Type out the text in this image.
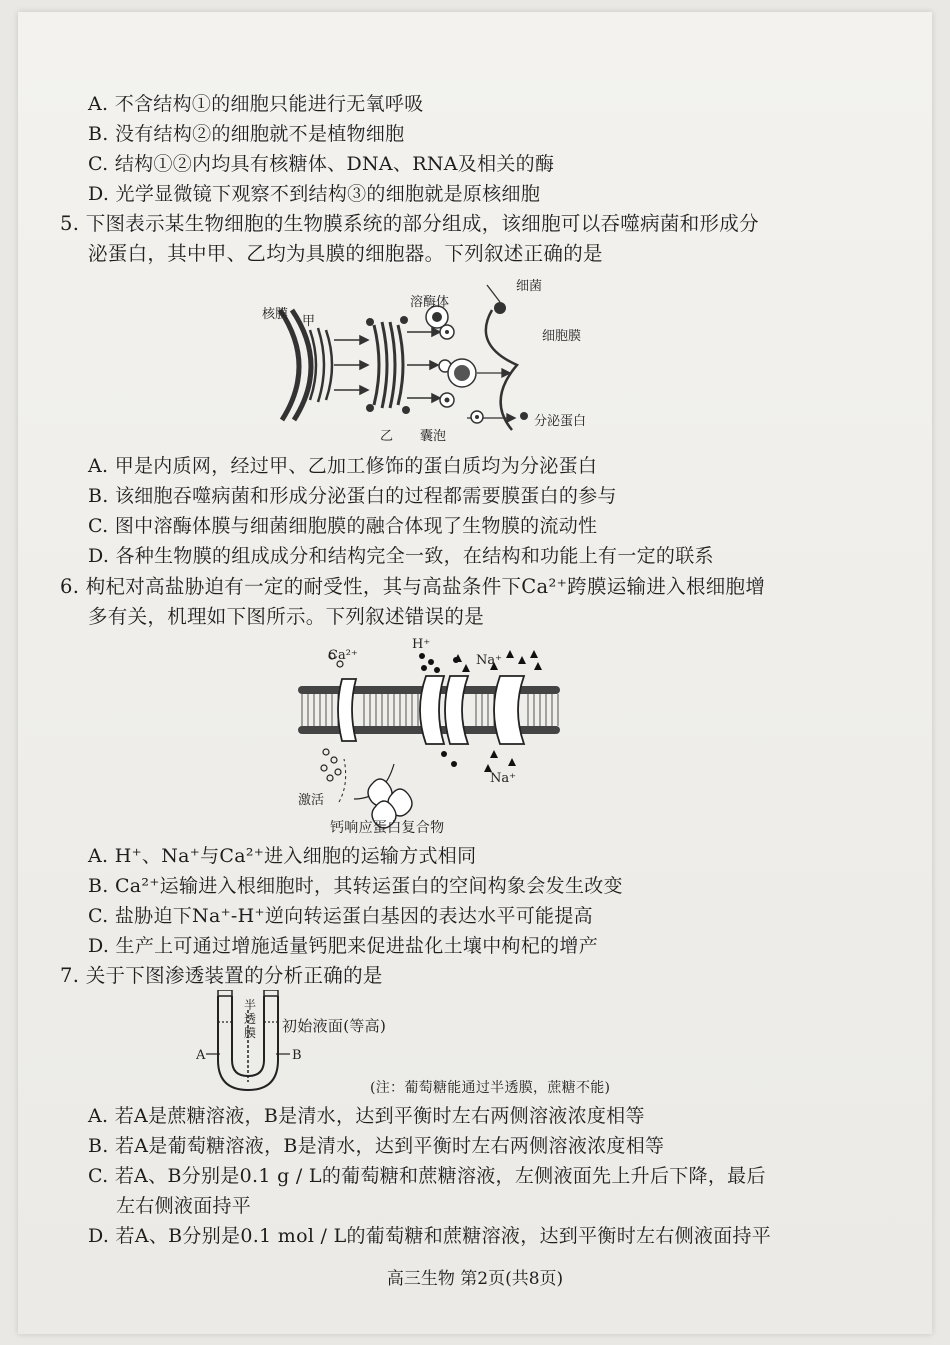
A. 不含结构①的细胞只能进行无氧呼吸
B. 没有结构②的细胞就不是植物细胞
C. 结构①②内均具有核糖体、DNA、RNA及相关的酶
D. 光学显微镜下观察不到结构③的细胞就是原核细胞
5. 下图表示某生物细胞的生物膜系统的部分组成，该细胞可以吞噬病菌和形成分
泌蛋白，其中甲、乙均为具膜的细胞器。下列叙述正确的是
核膜 甲
溶酶体
细菌
细胞膜
乙 囊泡
分泌蛋白
A. 甲是内质网，经过甲、乙加工修饰的蛋白质均为分泌蛋白
B. 该细胞吞噬病菌和形成分泌蛋白的过程都需要膜蛋白的参与
C. 图中溶酶体膜与细菌细胞膜的融合体现了生物膜的流动性
D. 各种生物膜的组成成分和结构完全一致，在结构和功能上有一定的联系
6. 枸杞对高盐胁迫有一定的耐受性，其与高盐条件下Ca²⁺跨膜运输进入根细胞增
多有关，机理如下图所示。下列叙述错误的是
Ca²⁺
H⁺
Na⁺
Na⁺
激活
钙响应蛋白复合物
A. H⁺、Na⁺与Ca²⁺进入细胞的运输方式相同
B. Ca²⁺运输进入根细胞时，其转运蛋白的空间构象会发生改变
C. 盐胁迫下Na⁺-H⁺逆向转运蛋白基因的表达水平可能提高
D. 生产上可通过增施适量钙肥来促进盐化土壤中枸杞的增产
7. 关于下图渗透装置的分析正确的是
A	B
半透膜 初始液面(等高)
(注：葡萄糖能通过半透膜，蔗糖不能)
A. 若A是蔗糖溶液，B是清水，达到平衡时左右两侧溶液浓度相等
B. 若A是葡萄糖溶液，B是清水，达到平衡时左右两侧溶液浓度相等
C. 若A、B分别是0.1 g / L的葡萄糖和蔗糖溶液，左侧液面先上升后下降，最后
左右侧液面持平
D. 若A、B分别是0.1 mol / L的葡萄糖和蔗糖溶液，达到平衡时左右侧液面持平
高三生物 第2页(共8页)
